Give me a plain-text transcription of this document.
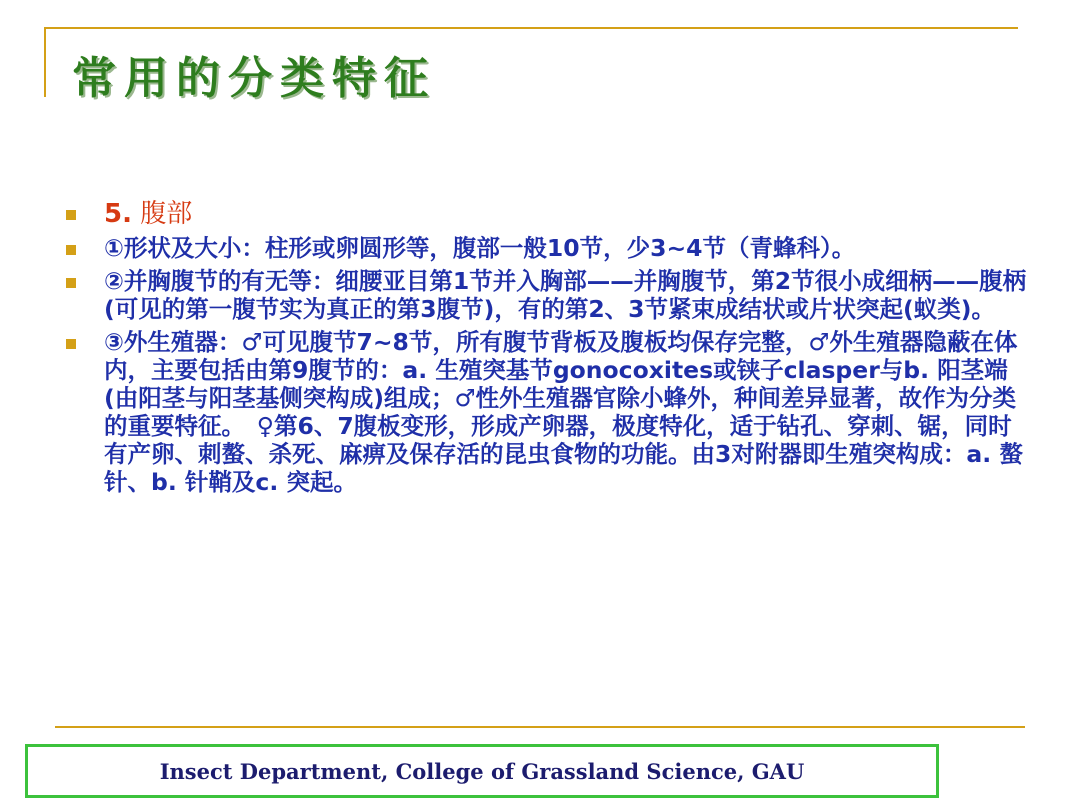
常用的分类特征
5. 腹部
①形状及大小：柱形或卵圆形等，腹部一般10节，少3~4节（青蜂科）。
②并胸腹节的有无等：细腰亚目第1节并入胸部——并胸腹节，第2节很小成细柄——腹柄(可见的第一腹节实为真正的第3腹节)，有的第2、3节紧束成结状或片状突起(蚁类)。
③外生殖器：♂可见腹节7~8节，所有腹节背板及腹板均保存完整，♂外生殖器隐蔽在体内，主要包括由第9腹节的：a. 生殖突基节gonocoxites或铗子clasper与b. 阳茎端(由阳茎与阳茎基侧突构成)组成；♂性外生殖器官除小蜂外，种间差异显著，故作为分类的重要特征。　♀第6、7腹板变形，形成产卵器，极度特化，适于钻孔、穿刺、锯，同时有产卵、刺螯、杀死、麻痹及保存活的昆虫食物的功能。由3对附器即生殖突构成：a. 螯针、b. 针鞘及c. 突起。
Insect Department, College of Grassland Science, GAU
